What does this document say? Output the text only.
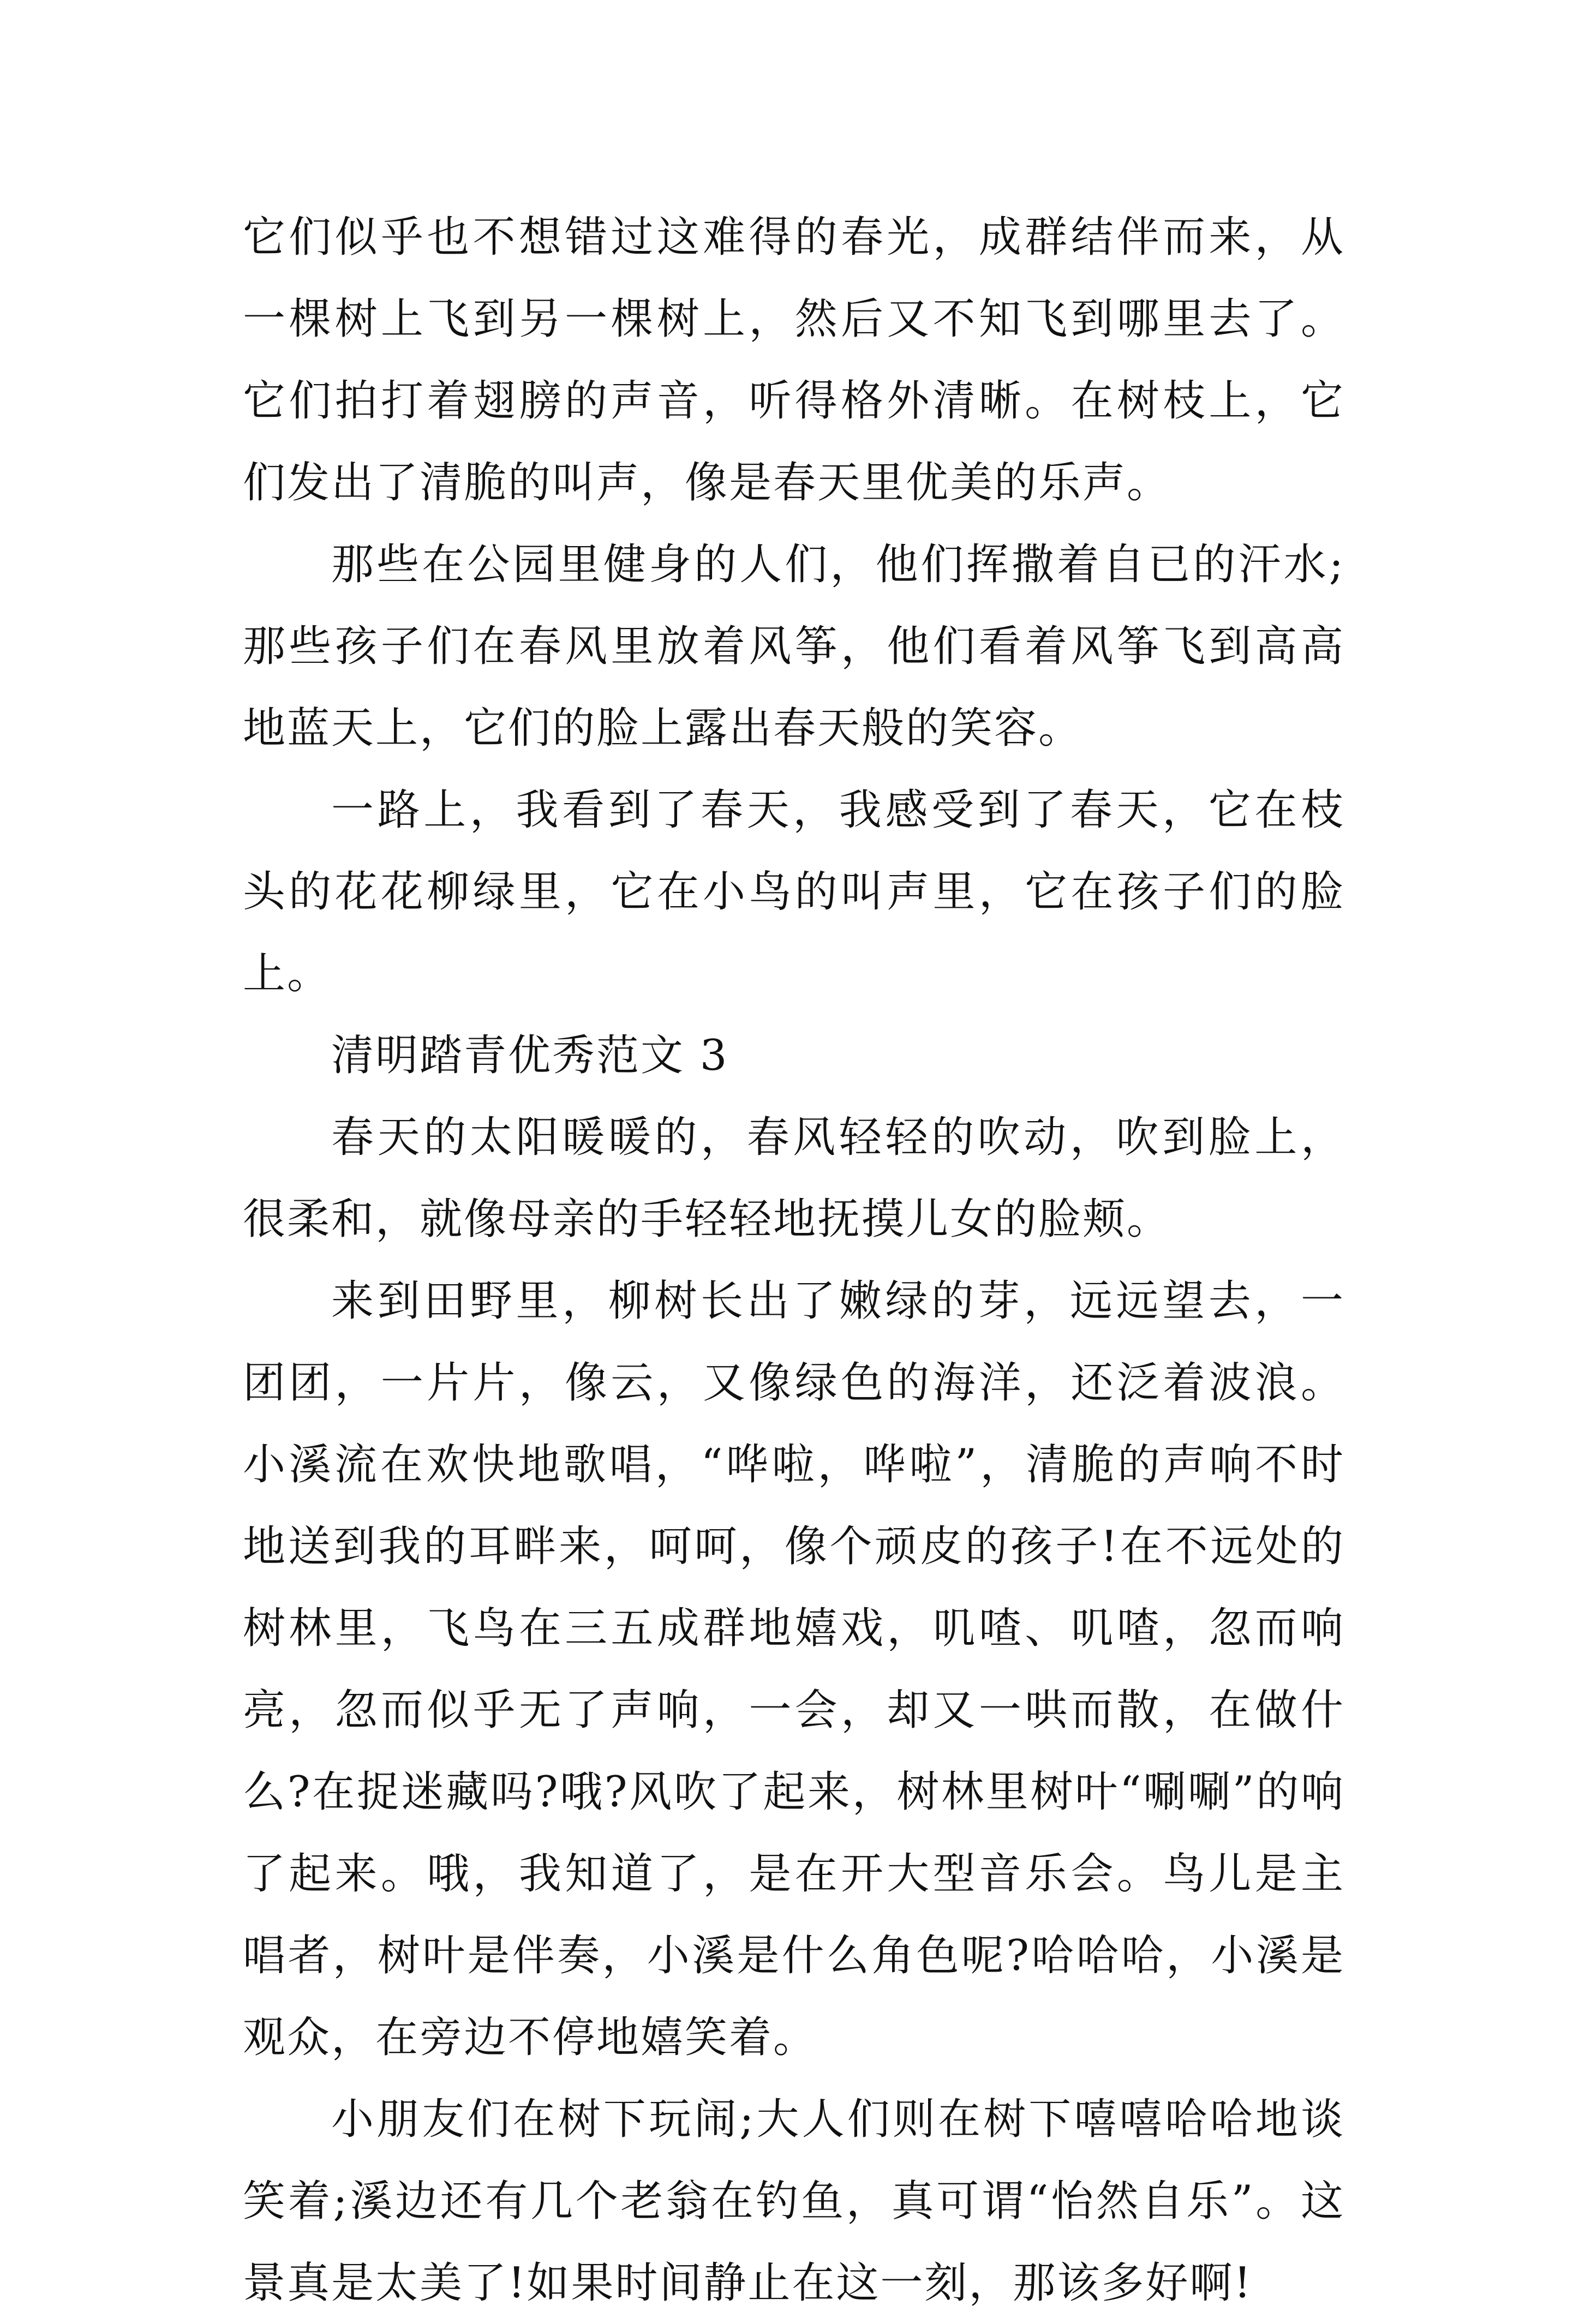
它们似乎也不想错过这难得的春光，成群结伴而来，从一棵树上飞到另一棵树上，然后又不知飞到哪里去了。它们拍打着翅膀的声音，听得格外清晰。在树枝上，它们发出了清脆的叫声，像是春天里优美的乐声。

那些在公园里健身的人们，他们挥撒着自已的汗水;那些孩子们在春风里放着风筝，他们看着风筝飞到高高地蓝天上，它们的脸上露出春天般的笑容。

一路上，我看到了春天，我感受到了春天，它在枝头的花花柳绿里，它在小鸟的叫声里，它在孩子们的脸上。

清明踏青优秀范文 3

春天的太阳暖暖的，春风轻轻的吹动，吹到脸上，很柔和，就像母亲的手轻轻地抚摸儿女的脸颊。

来到田野里，柳树长出了嫩绿的芽，远远望去，一团团，一片片，像云，又像绿色的海洋，还泛着波浪。小溪流在欢快地歌唱，“哗啦，哗啦”，清脆的声响不时地送到我的耳畔来，呵呵，像个顽皮的孩子!在不远处的树林里，飞鸟在三五成群地嬉戏，叽喳、叽喳，忽而响亮，忽而似乎无了声响，一会，却又一哄而散，在做什么?在捉迷藏吗?哦?风吹了起来，树林里树叶“唰唰”的响了起来。哦，我知道了，是在开大型音乐会。鸟儿是主唱者，树叶是伴奏，小溪是什么角色呢?哈哈哈，小溪是观众，在旁边不停地嬉笑着。

小朋友们在树下玩闹;大人们则在树下嘻嘻哈哈地谈笑着;溪边还有几个老翁在钓鱼，真可谓“怡然自乐”。这景真是太美了!如果时间静止在这一刻，那该多好啊!
